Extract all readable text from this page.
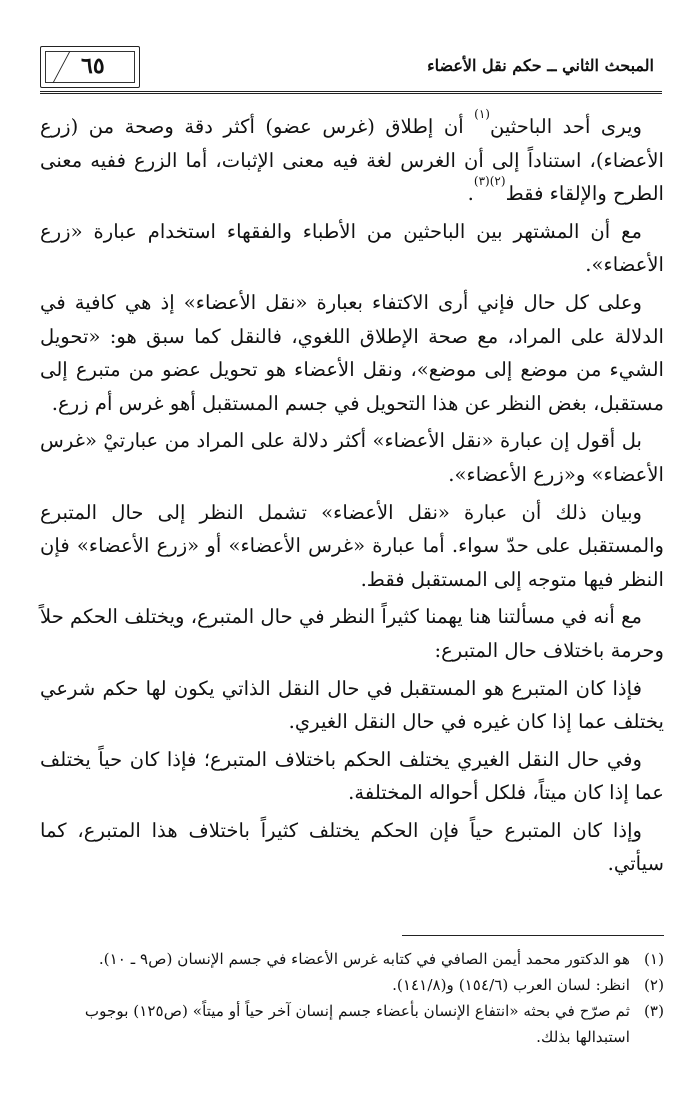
المبحث الثاني ــ حكم نقل الأعضاء
٦٥

ويرى أحد الباحثين$^{(١)}$ أن إطلاق (غرس عضو) أكثر دقة وصحة من (زرع الأعضاء)، استناداً إلى أن الغرس لغة فيه معنى الإثبات، أما الزرع ففيه معنى الطرح والإلقاء فقط$^{(٢)(٣)}$.

مع أن المشتهر بين الباحثين من الأطباء والفقهاء استخدام عبارة «زرع الأعضاء».

وعلى كل حال فإني أرى الاكتفاء بعبارة «نقل الأعضاء» إذ هي كافية في الدلالة على المراد، مع صحة الإطلاق اللغوي، فالنقل كما سبق هو: «تحويل الشيء من موضع إلى موضع»، ونقل الأعضاء هو تحويل عضو من متبرع إلى مستقبل، بغض النظر عن هذا التحويل في جسم المستقبل أهو غرس أم زرع.

بل أقول إن عبارة «نقل الأعضاء» أكثر دلالة على المراد من عبارتيْ «غرس الأعضاء» و«زرع الأعضاء».

وبيان ذلك أن عبارة «نقل الأعضاء» تشمل النظر إلى حال المتبرع والمستقبل على حدّ سواء. أما عبارة «غرس الأعضاء» أو «زرع الأعضاء» فإن النظر فيها متوجه إلى المستقبل فقط.

مع أنه في مسألتنا هنا يهمنا كثيراً النظر في حال المتبرع، ويختلف الحكم حلاً وحرمة باختلاف حال المتبرع:

فإذا كان المتبرع هو المستقبل في حال النقل الذاتي يكون لها حكم شرعي يختلف عما إذا كان غيره في حال النقل الغيري.

وفي حال النقل الغيري يختلف الحكم باختلاف المتبرع؛ فإذا كان حياً يختلف عما إذا كان ميتاً، فلكل أحواله المختلفة.

وإذا كان المتبرع حياً فإن الحكم يختلف كثيراً باختلاف هذا المتبرع، كما سيأتي.

(١)
هو الدكتور محمد أيمن الصافي في كتابه غرس الأعضاء في جسم الإنسان (ص٩ ـ ١٠).
(٢)
انظر: لسان العرب (١٥٤/٦) و(١٤١/٨).
(٣)
ثم صرّح في بحثه «انتفاع الإنسان بأعضاء جسم إنسان آخر حياً أو ميتاً» (ص١٢٥) بوجوب استبدالها بذلك.
